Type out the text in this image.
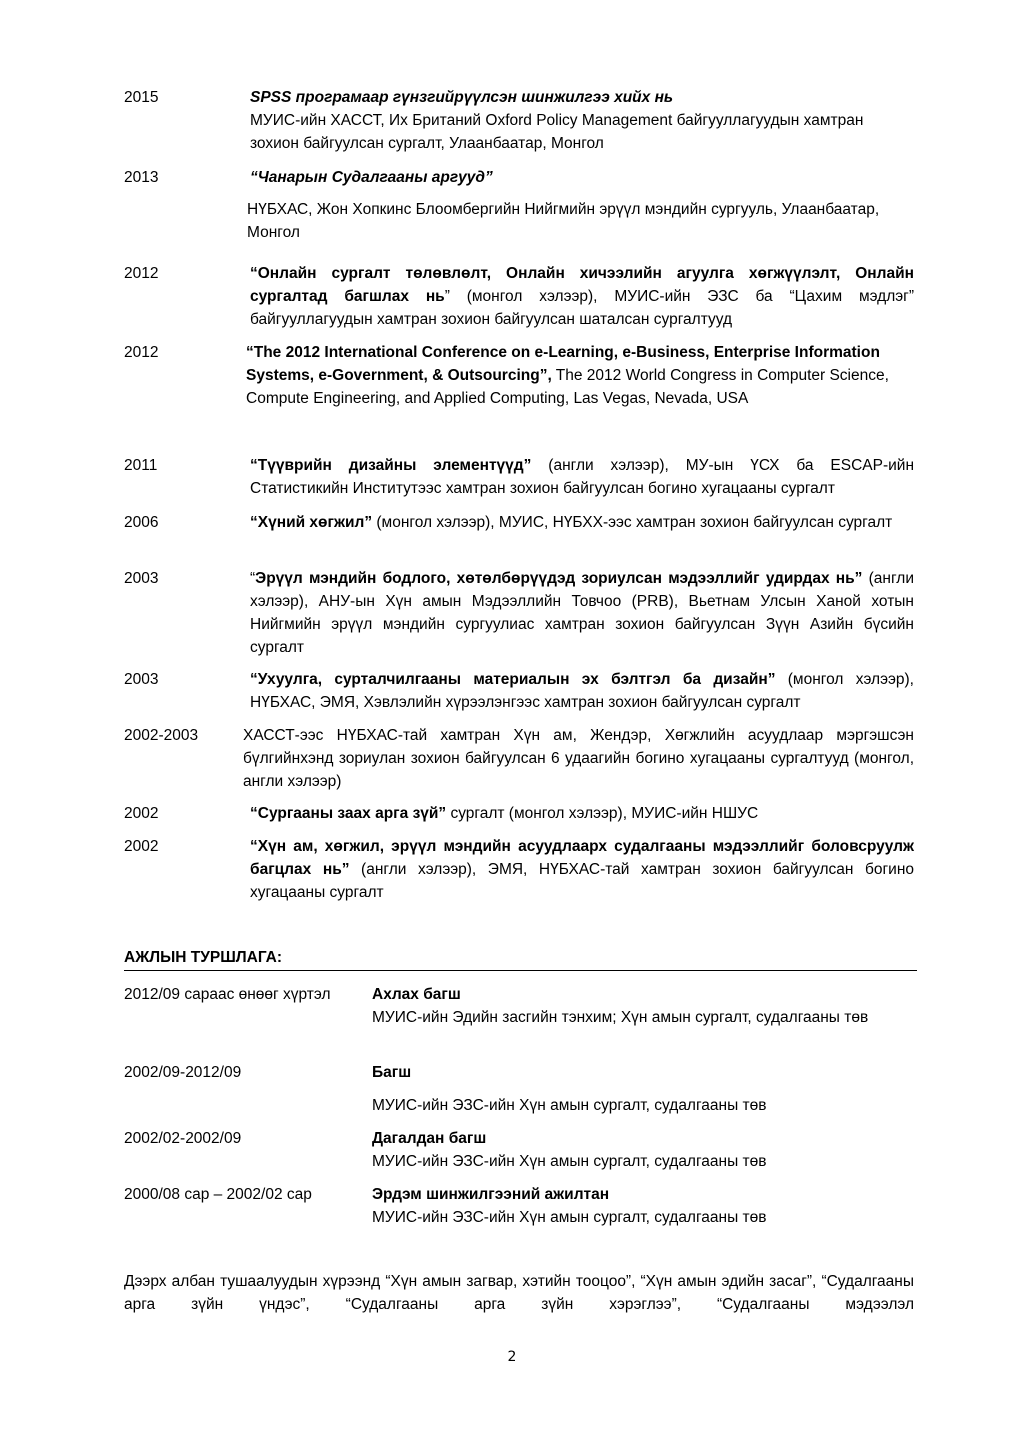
2015	SPSS програмаар гүнзгийрүүлсэн шинжилгээ хийх нь
МУИС-ийн ХАССТ, Их Британий Oxford Policy Management байгууллагуудын хамтран зохион байгуулсан сургалт, Улаанбаатар, Монгол
2013	“Чанарын Судалгааны аргууд”
НҮБХАС, Жон Хопкинс Блоомбергийн Нийгмийн эрүүл мэндийн сургууль, Улаанбаатар, Монгол
2012	“Онлайн сургалт төлөвлөлт, Онлайн хичээлийн агуулга хөгжүүлэлт, Онлайн сургалтад багшлах нь” (монгол хэлээр), МУИС-ийн ЭЗС ба “Цахим мэдлэг” байгууллагуудын хамтран зохион байгуулсан шаталсан сургалтууд
2012	“The 2012 International Conference on e-Learning, e-Business, Enterprise Information Systems, e-Government, & Outsourcing”, The 2012 World Congress in Computer Science, Compute Engineering, and Applied Computing, Las Vegas, Nevada, USA
2011	“Түүврийн дизайны элементүүд” (англи хэлээр), МУ-ын ҮСХ ба ESCAP-ийн Статистикийн Институтээс хамтран зохион байгуулсан богино хугацааны сургалт
2006	“Хүний хөгжил” (монгол хэлээр), МУИС, НҮБХХ-ээс хамтран зохион байгуулсан сургалт
2003	“Эрүүл мэндийн бодлого, хөтөлбөрүүдэд зориулсан мэдээллийг удирдах нь” (англи хэлээр), АНУ-ын Хүн амын Мэдээллийн Товчоо (PRB), Вьетнам Улсын Ханой хотын Нийгмийн эрүүл мэндийн сургуулиас хамтран зохион байгуулсан Зүүн Азийн бүсийн сургалт
2003	“Ухуулга, сурталчилгааны материалын эх бэлтгэл ба дизайн” (монгол хэлээр), НҮБХАС, ЭМЯ, Хэвлэлийн хүрээлэнгээс хамтран зохион байгуулсан сургалт
2002-2003	ХАССТ-ээс НҮБХАС-тай хамтран Хүн ам, Жендэр, Хөгжлийн асуудлаар мэргэшсэн бүлгийнхэнд зориулан зохион байгуулсан 6 удаагийн богино хугацааны сургалтууд (монгол, англи хэлээр)
2002	“Сургааны заах арга зүй” сургалт (монгол хэлээр), МУИС-ийн НШУС
2002	“Хүн ам, хөгжил, эрүүл мэндийн асуудлаарх судалгааны мэдээллийг боловсруулж багцлах нь” (англи хэлээр), ЭМЯ, НҮБХАС-тай хамтран зохион байгуулсан богино хугацааны сургалт
АЖЛЫН ТУРШЛАГА:
2012/09 сараас өнөөг хүртэл	Ахлах багш
МУИС-ийн Эдийн засгийн тэнхим; Хүн амын сургалт, судалгааны төв
2002/09-2012/09	Багш
МУИС-ийн ЭЗС-ийн Хүн амын сургалт, судалгааны төв
2002/02-2002/09	Дагалдан багш
МУИС-ийн ЭЗС-ийн Хүн амын сургалт, судалгааны төв
2000/08 сар – 2002/02 сар	Эрдэм шинжилгээний ажилтан
МУИС-ийн ЭЗС-ийн Хүн амын сургалт, судалгааны төв
Дээрх албан тушаалуудын хүрээнд “Хүн амын загвар, хэтийн тооцоо”, “Хүн амын эдийн засаг”, “Судалгааны арга зүйн үндэс”, “Судалгааны арга зүйн хэрэглээ”, “Судалгааны мэдээлэл
2
